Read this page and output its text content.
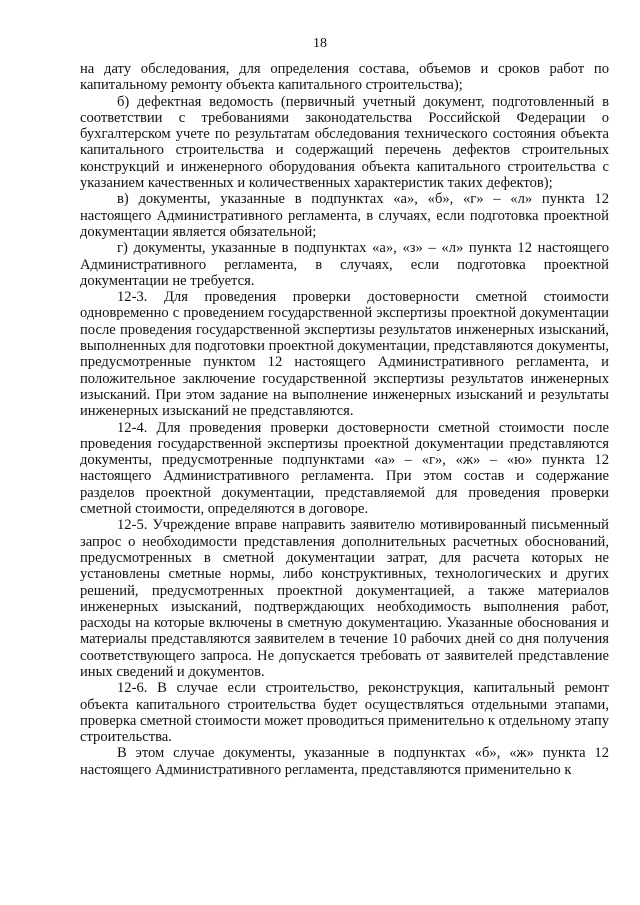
18

на дату обследования, для определения состава, объемов и сроков работ по капитальному ремонту объекта капитального строительства);

б) дефектная ведомость (первичный учетный документ, подготовленный в соответствии с требованиями законодательства Российской Федерации о бухгалтерском учете по результатам обследования технического состояния объекта капитального строительства и содержащий перечень дефектов строительных конструкций и инженерного оборудования объекта капитального строительства с указанием качественных и количественных характеристик таких дефектов);

в) документы, указанные в подпунктах «а», «б», «г» – «л» пункта 12 настоящего Административного регламента, в случаях, если подготовка проектной документации является обязательной;

г) документы, указанные в подпунктах «а», «з» – «л» пункта 12 настоящего Административного регламента, в случаях, если подготовка проектной документации не требуется.

12-3. Для проведения проверки достоверности сметной стоимости одновременно с проведением государственной экспертизы проектной документации после проведения государственной экспертизы результатов инженерных изысканий, выполненных для подготовки проектной документации, представляются документы, предусмотренные пунктом 12 настоящего Административного регламента, и положительное заключение государственной экспертизы результатов инженерных изысканий. При этом задание на выполнение инженерных изысканий и результаты инженерных изысканий не представляются.

12-4. Для проведения проверки достоверности сметной стоимости после проведения государственной экспертизы проектной документации представляются документы, предусмотренные подпунктами «а» – «г», «ж» – «ю» пункта 12 настоящего Административного регламента. При этом состав и содержание разделов проектной документации, представляемой для проведения проверки сметной стоимости, определяются в договоре.

12-5. Учреждение вправе направить заявителю мотивированный письменный запрос о необходимости представления дополнительных расчетных обоснований, предусмотренных в сметной документации затрат, для расчета которых не установлены сметные нормы, либо конструктивных, технологических и других решений, предусмотренных проектной документацией, а также материалов инженерных изысканий, подтверждающих необходимость выполнения работ, расходы на которые включены в сметную документацию. Указанные обоснования и материалы представляются заявителем в течение 10 рабочих дней со дня получения соответствующего запроса. Не допускается требовать от заявителей представление иных сведений и документов.

12-6. В случае если строительство, реконструкция, капитальный ремонт объекта капитального строительства будет осуществляться отдельными этапами, проверка сметной стоимости может проводиться применительно к отдельному этапу строительства.

В этом случае документы, указанные в подпунктах «б», «ж» пункта 12 настоящего Административного регламента, представляются применительно к
